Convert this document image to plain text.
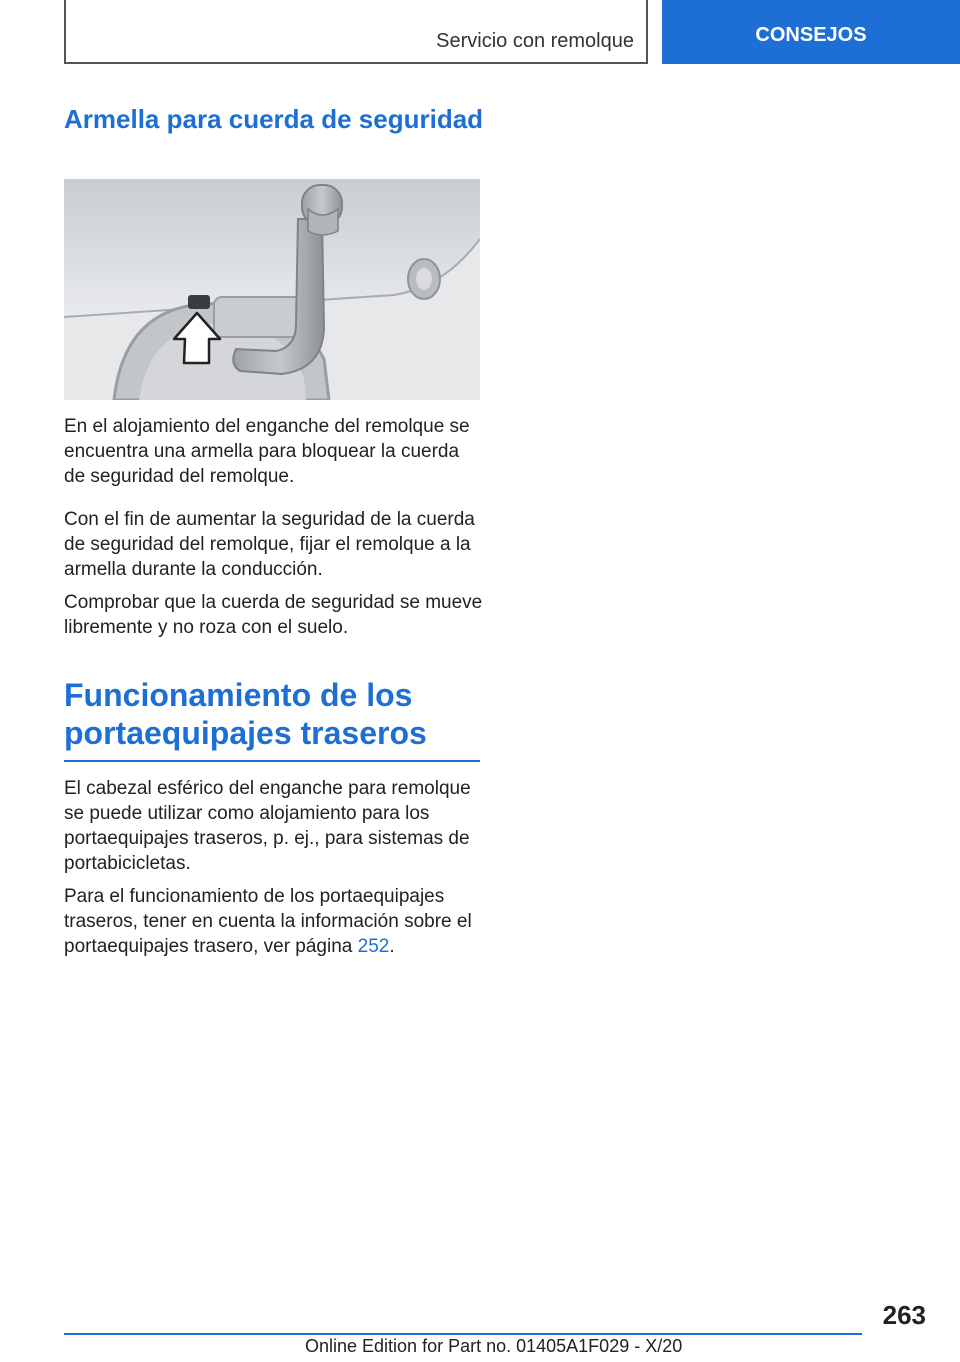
Servicio con remolque	CONSEJOS
Armella para cuerda de seguridad

En el alojamiento del enganche del remolque se encuentra una armella para bloquear la cuerda de seguridad del remolque.

Con el fin de aumentar la seguridad de la cuerda de seguridad del remolque, fijar el remolque a la armella durante la conducción.

Comprobar que la cuerda de seguridad se mueve libremente y no roza con el suelo.

Funcionamiento de los portaequipajes traseros

El cabezal esférico del enganche para remolque se puede utilizar como alojamiento para los portaequipajes traseros, p. ej., para sistemas de portabicicletas.

Para el funcionamiento de los portaequipajes traseros, tener en cuenta la información sobre el portaequipajes trasero, ver página 252.

263
Online Edition for Part no. 01405A1F029 - X/20
